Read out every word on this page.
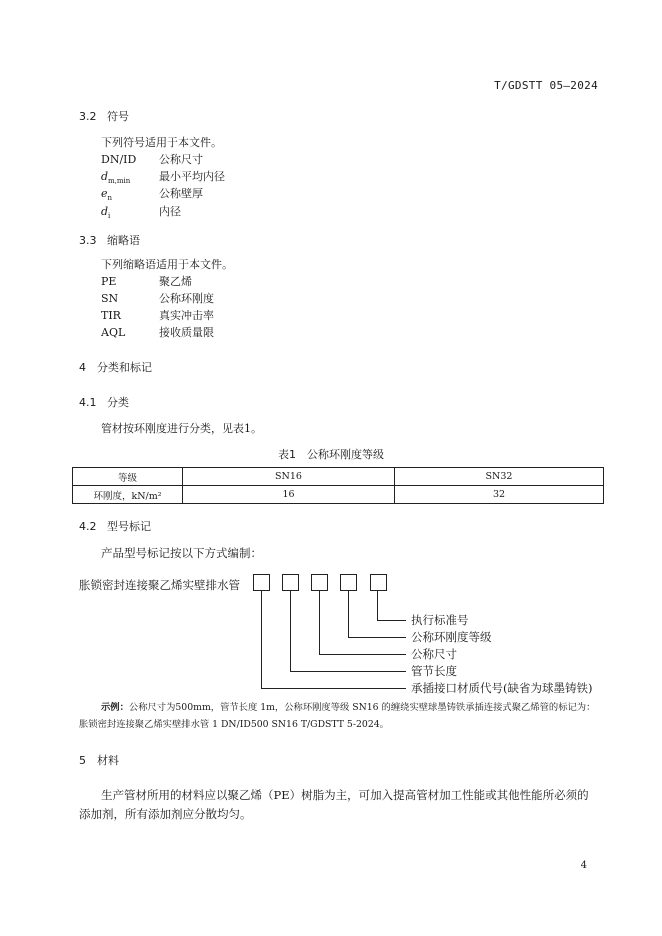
T/GDSTT 05—2024
3.2 符号
下列符号适用于本文件。
DN/ID 公称尺寸
$d_{m,min}$	最小平均内径
$e_n$	公称壁厚
$d_i$	内径
3.3 缩略语
下列缩略语适用于本文件。
PE	聚乙烯
SN	公称环刚度
TIR	真实冲击率
AQL	接收质量限
4 分类和标记
4.1 分类
管材按环刚度进行分类，见表1。
表1　公称环刚度等级
等级	SN16	SN32
环刚度，kN/m²	16	32
4.2 型号标记
产品型号标记按以下方式编制：
胀锁密封连接聚乙烯实壁排水管
执行标准号
公称环刚度等级
公称尺寸
管节长度
承插接口材质代号(缺省为球墨铸铁)
示例：公称尺寸为500mm，管节长度 1m，公称环刚度等级 SN16 的缠绕实壁球墨铸铁承插连接式聚乙烯管的标记为：
胀锁密封连接聚乙烯实壁排水管 1 DN/ID500 SN16 T/GDSTT 5-2024。
5 材料
生产管材所用的材料应以聚乙烯（PE）树脂为主，可加入提高管材加工性能或其他性能所必须的添加剂，所有添加剂应分散均匀。
4
